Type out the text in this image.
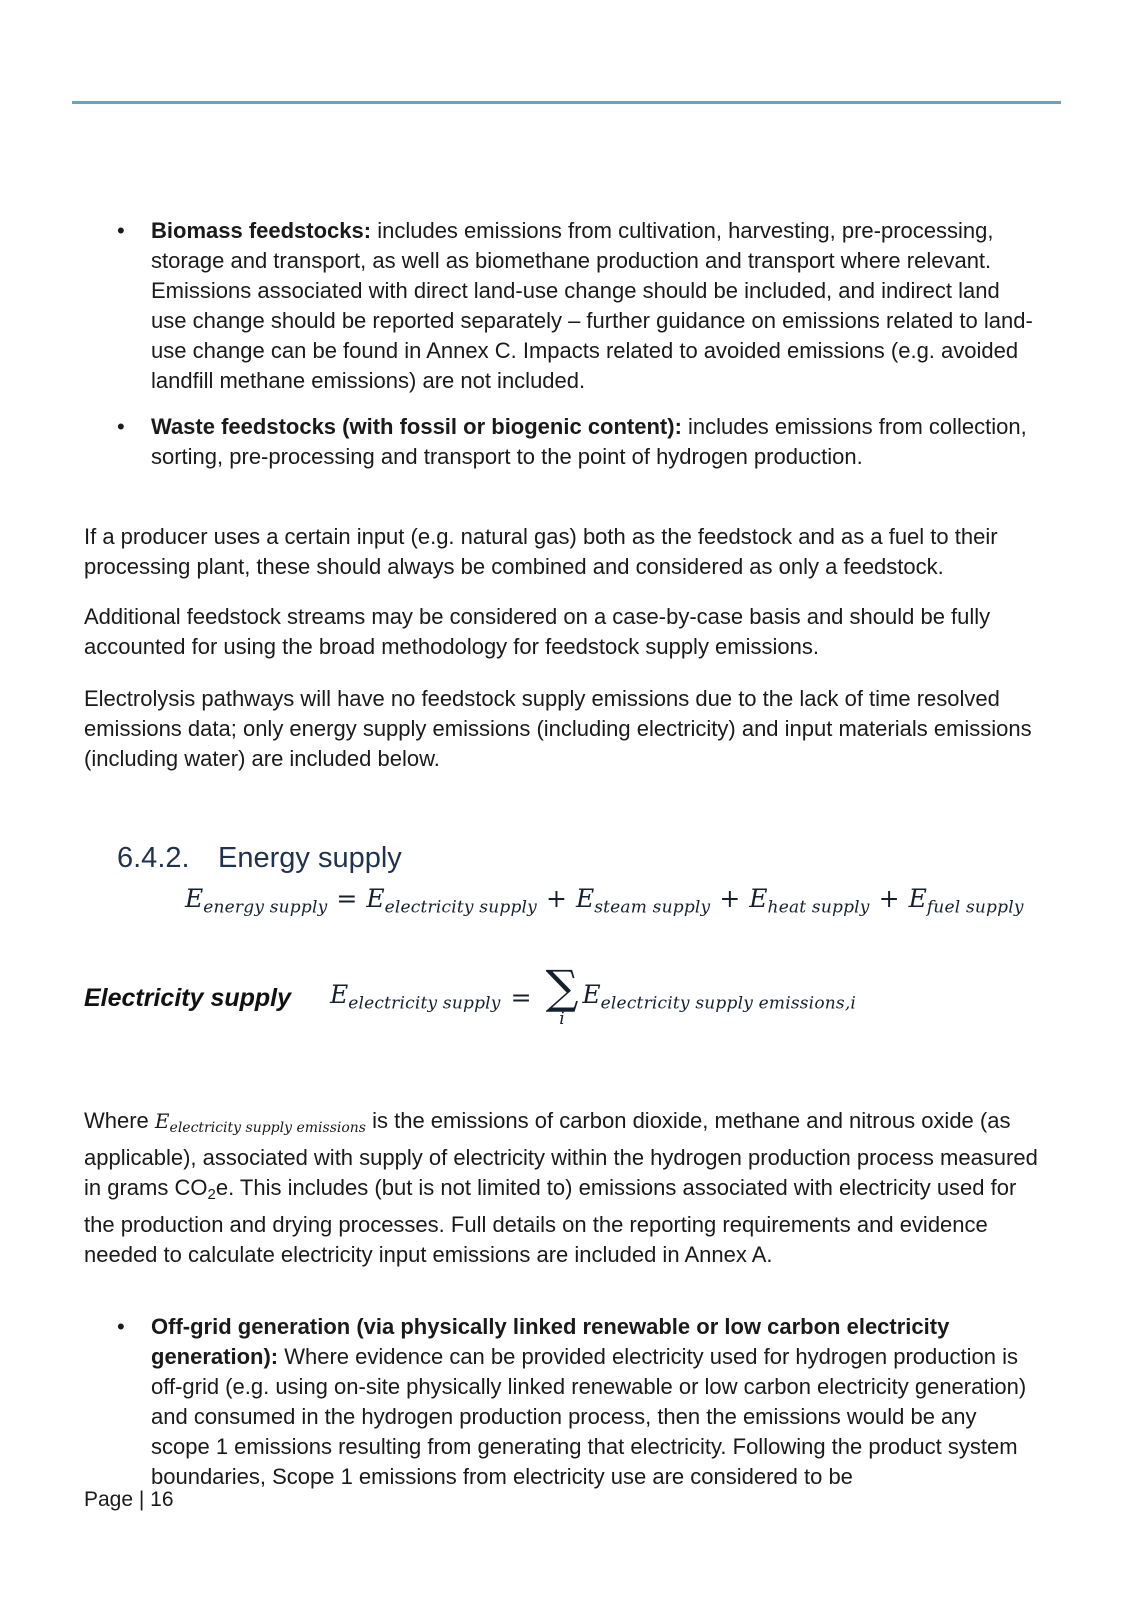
•	Biomass feedstocks: includes emissions from cultivation, harvesting, pre-processing, storage and transport, as well as biomethane production and transport where relevant. Emissions associated with direct land-use change should be included, and indirect land use change should be reported separately – further guidance on emissions related to land-use change can be found in Annex C. Impacts related to avoided emissions (e.g. avoided landfill methane emissions) are not included.
•	Waste feedstocks (with fossil or biogenic content): includes emissions from collection, sorting, pre-processing and transport to the point of hydrogen production.
If a producer uses a certain input (e.g. natural gas) both as the feedstock and as a fuel to their processing plant, these should always be combined and considered as only a feedstock.
Additional feedstock streams may be considered on a case-by-case basis and should be fully accounted for using the broad methodology for feedstock supply emissions.
Electrolysis pathways will have no feedstock supply emissions due to the lack of time resolved emissions data; only energy supply emissions (including electricity) and input materials emissions (including water) are included below.
6.4.2. Energy supply
$E_{energy supply} = E_{electricity supply} + E_{steam supply} + E_{heat supply} + E_{fuel supply}$
Electricity supply $E_{electricity supply}$ = ∑
i
$E_{electricity supply emissions,i}$
Where Eelectricity supply emissions is the emissions of carbon dioxide, methane and nitrous oxide (as applicable), associated with supply of electricity within the hydrogen production process measured in grams CO2e. This includes (but is not limited to) emissions associated with electricity used for the production and drying processes. Full details on the reporting requirements and evidence needed to calculate electricity input emissions are included in Annex A.
•	Off-grid generation (via physically linked renewable or low carbon electricity generation): Where evidence can be provided electricity used for hydrogen production is off-grid (e.g. using on-site physically linked renewable or low carbon electricity generation) and consumed in the hydrogen production process, then the emissions would be any scope 1 emissions resulting from generating that electricity. Following the product system boundaries, Scope 1 emissions from electricity use are considered to be
Page | 16
